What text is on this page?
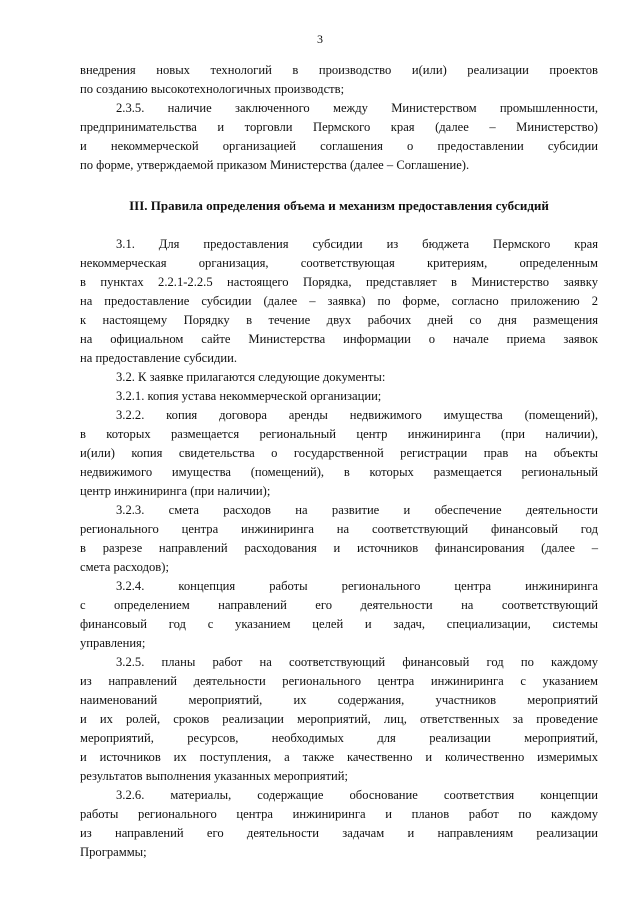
3
внедрения новых технологий в производство и(или) реализации проектов
по созданию высокотехнологичных производств;
2.3.5. наличие заключенного между Министерством промышленности,
предпринимательства и торговли Пермского края (далее – Министерство)
и некоммерческой организацией соглашения о предоставлении субсидии
по форме, утверждаемой приказом Министерства (далее – Соглашение).
III. Правила определения объема и механизм предоставления субсидий
3.1. Для предоставления субсидии из бюджета Пермского края
некоммерческая организация, соответствующая критериям, определенным
в пунктах 2.2.1-2.2.5 настоящего Порядка, представляет в Министерство заявку
на предоставление субсидии (далее – заявка) по форме, согласно приложению 2
к настоящему Порядку в течение двух рабочих дней со дня размещения
на официальном сайте Министерства информации о начале приема заявок
на предоставление субсидии.
3.2. К заявке прилагаются следующие документы:
3.2.1. копия устава некоммерческой организации;
3.2.2. копия договора аренды недвижимого имущества (помещений),
в которых размещается региональный центр инжиниринга (при наличии),
и(или) копия свидетельства о государственной регистрации прав на объекты
недвижимого имущества (помещений), в которых размещается региональный
центр инжиниринга (при наличии);
3.2.3. смета расходов на развитие и обеспечение деятельности
регионального центра инжиниринга на соответствующий финансовый год
в разрезе направлений расходования и источников финансирования (далее –
смета расходов);
3.2.4. концепция работы регионального центра инжиниринга
с определением направлений его деятельности на соответствующий
финансовый год с указанием целей и задач, специализации, системы
управления;
3.2.5. планы работ на соответствующий финансовый год по каждому
из направлений деятельности регионального центра инжиниринга с указанием
наименований мероприятий, их содержания, участников мероприятий
и их ролей, сроков реализации мероприятий, лиц, ответственных за проведение
мероприятий, ресурсов, необходимых для реализации мероприятий,
и источников их поступления, а также качественно и количественно измеримых
результатов выполнения указанных мероприятий;
3.2.6. материалы, содержащие обоснование соответствия концепции
работы регионального центра инжиниринга и планов работ по каждому
из направлений его деятельности задачам и направлениям реализации
Программы;
